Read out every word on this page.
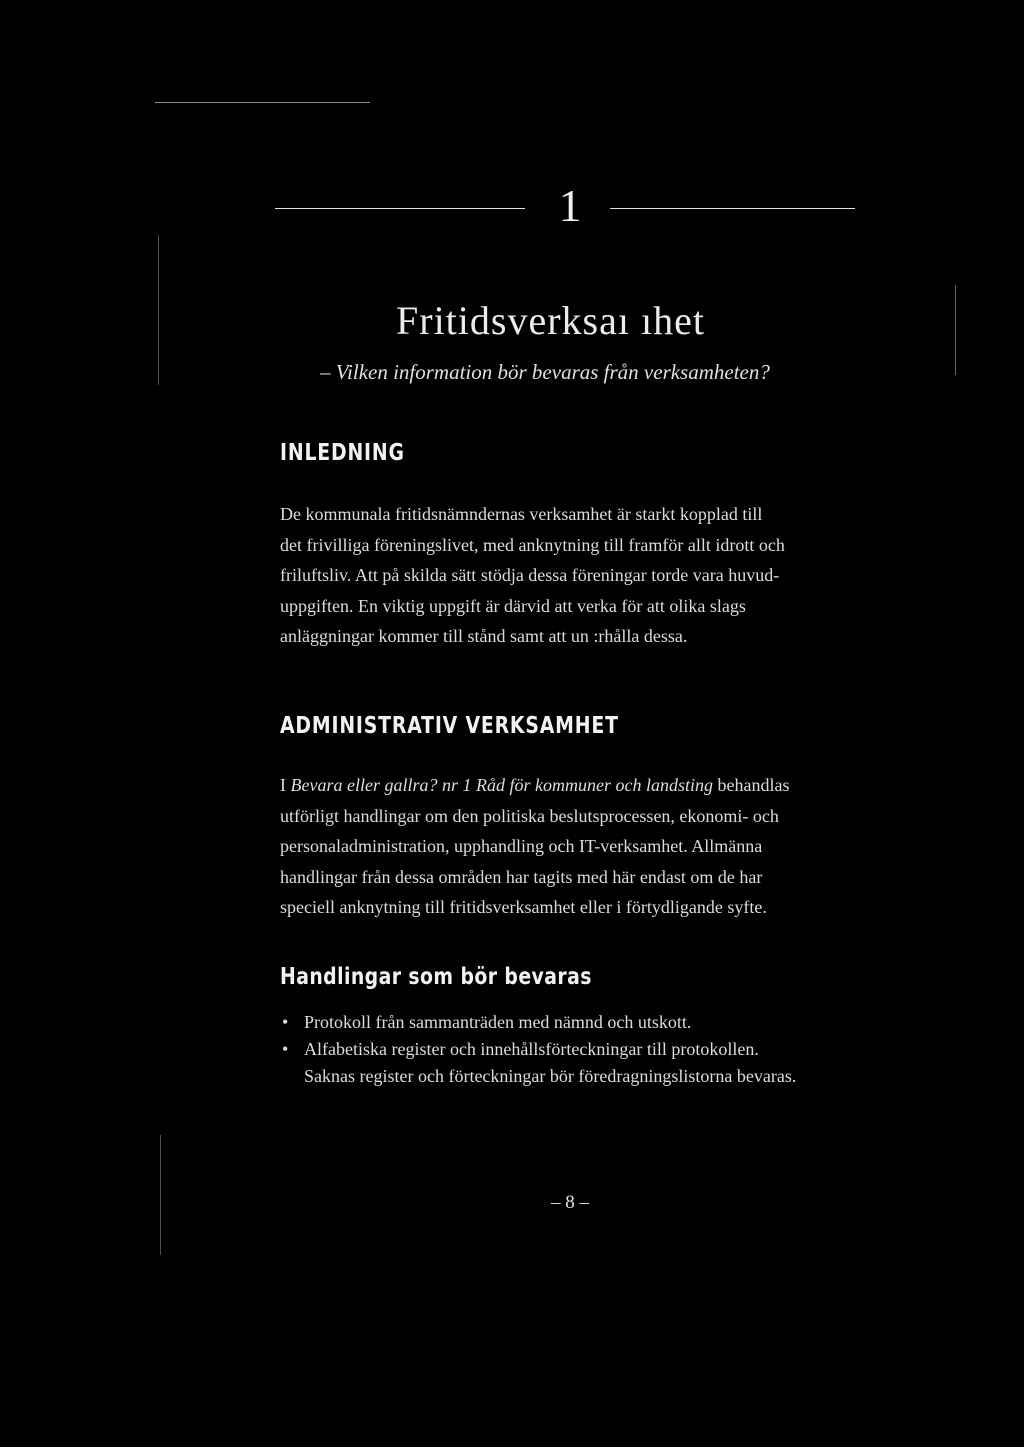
1
Fritidsverksaı ıhet
– Vilken information bör bevaras från verksamheten?
INLEDNING

De kommunala fritidsnämndernas verksamhet är starkt kopplad till
det frivilliga föreningslivet, med anknytning till framför allt idrott och
friluftsliv. Att på skilda sätt stödja dessa föreningar torde vara huvud-
uppgiften. En viktig uppgift är därvid att verka för att olika slags
anläggningar kommer till stånd samt att un :rhålla dessa.

ADMINISTRATIV VERKSAMHET

I Bevara eller gallra? nr 1 Råd för kommuner och landsting behandlas
utförligt handlingar om den politiska beslutsprocessen, ekonomi- och
personaladministration, upphandling och IT-verksamhet. Allmänna
handlingar från dessa områden har tagits med här endast om de har
speciell anknytning till fritidsverksamhet eller i förtydligande syfte.

Handlingar som bör bevaras
• Protokoll från sammanträden med nämnd och utskott.
• Alfabetiska register och innehållsförteckningar till protokollen.
Saknas register och förteckningar bör föredragningslistorna bevaras.
– 8 –
